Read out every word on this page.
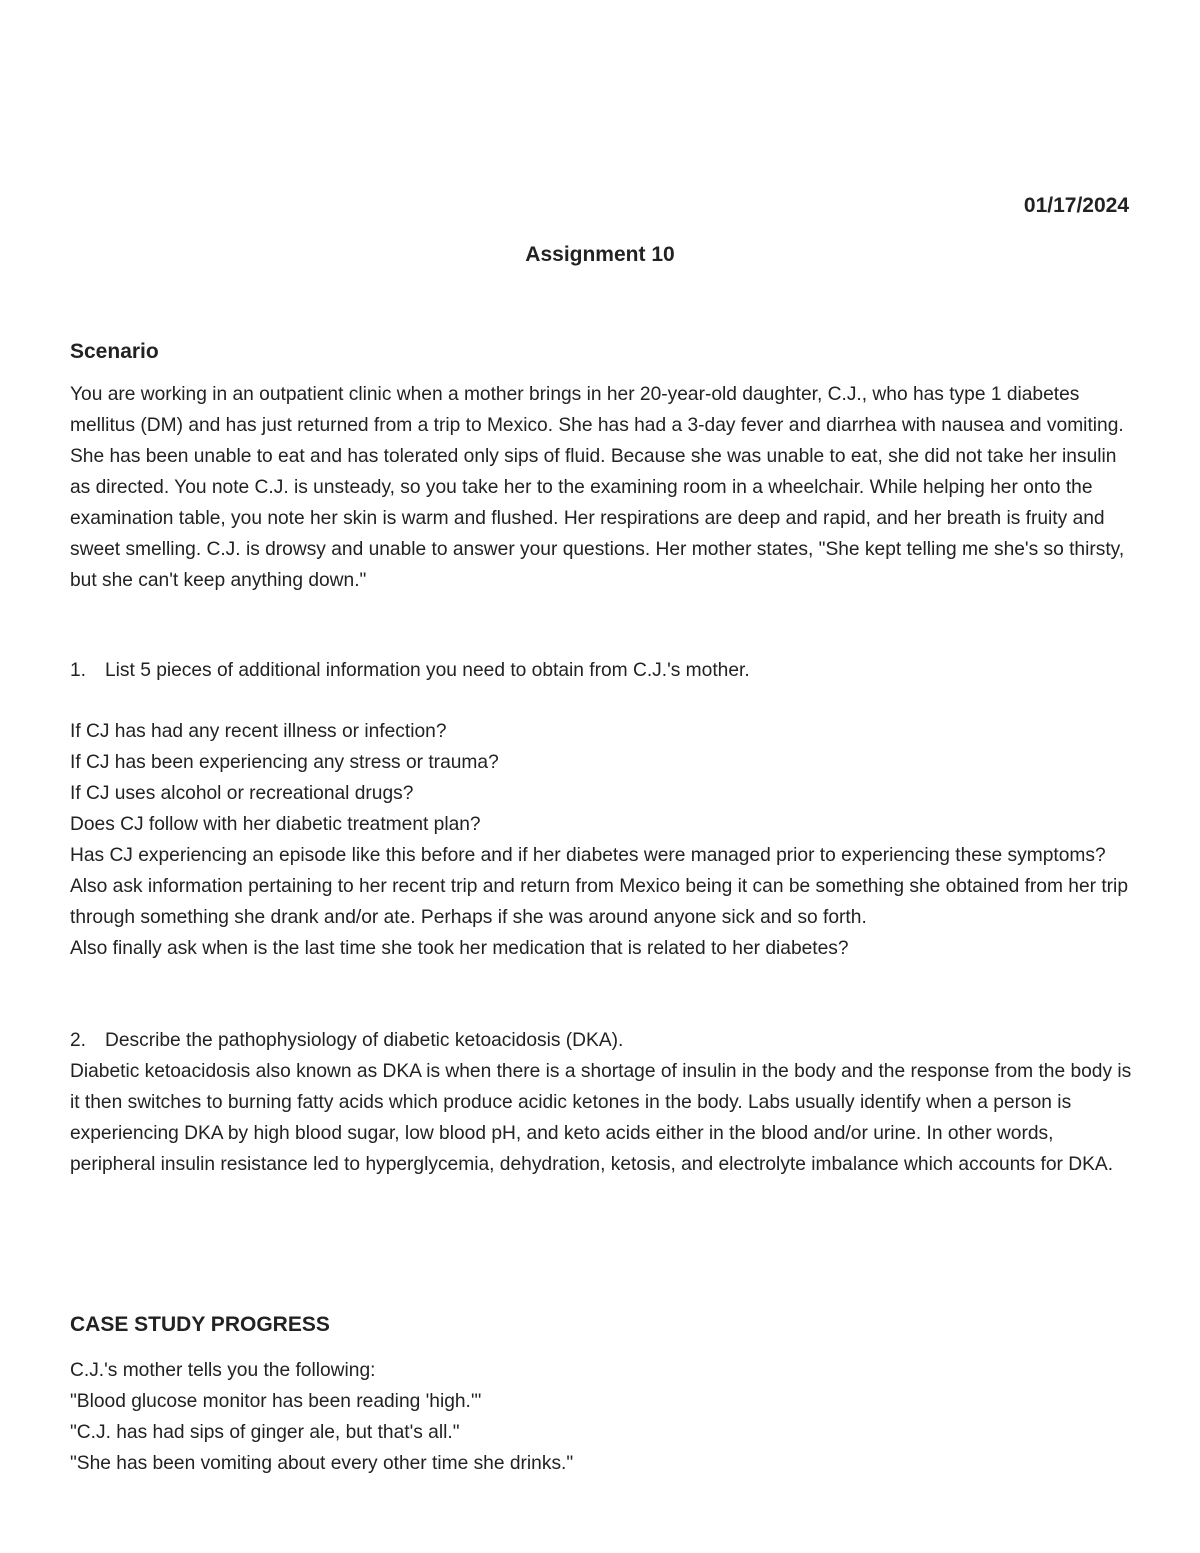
01/17/2024
Assignment 10
Scenario

You are working in an outpatient clinic when a mother brings in her 20-year-old daughter, C.J., who has type 1 diabetes mellitus (DM) and has just returned from a trip to Mexico. She has had a 3-day fever and diarrhea with nausea and vomiting. She has been unable to eat and has tolerated only sips of fluid. Because she was unable to eat, she did not take her insulin as directed. You note C.J. is unsteady, so you take her to the examining room in a wheelchair. While helping her onto the examination table, you note her skin is warm and flushed. Her respirations are deep and rapid, and her breath is fruity and sweet smelling. C.J. is drowsy and unable to answer your questions. Her mother states, "She kept telling me she's so thirsty, but she can't keep anything down."

1. List 5 pieces of additional information you need to obtain from C.J.'s mother.
If CJ has had any recent illness or infection?
If CJ has been experiencing any stress or trauma?
If CJ uses alcohol or recreational drugs?
Does CJ follow with her diabetic treatment plan?

Has CJ experiencing an episode like this before and if her diabetes were managed prior to experiencing these symptoms?

Also ask information pertaining to her recent trip and return from Mexico being it can be something she obtained from her trip through something she drank and/or ate. Perhaps if she was around anyone sick and so forth.

Also finally ask when is the last time she took her medication that is related to her diabetes?
2. Describe the pathophysiology of diabetic ketoacidosis (DKA).

Diabetic ketoacidosis also known as DKA is when there is a shortage of insulin in the body and the response from the body is it then switches to burning fatty acids which produce acidic ketones in the body. Labs usually identify when a person is experiencing DKA by high blood sugar, low blood pH, and keto acids either in the blood and/or urine. In other words, peripheral insulin resistance led to hyperglycemia, dehydration, ketosis, and electrolyte imbalance which accounts for DKA.

CASE STUDY PROGRESS
C.J.'s mother tells you the following:
"Blood glucose monitor has been reading 'high.'"
"C.J. has had sips of ginger ale, but that's all."
"She has been vomiting about every other time she drinks."
